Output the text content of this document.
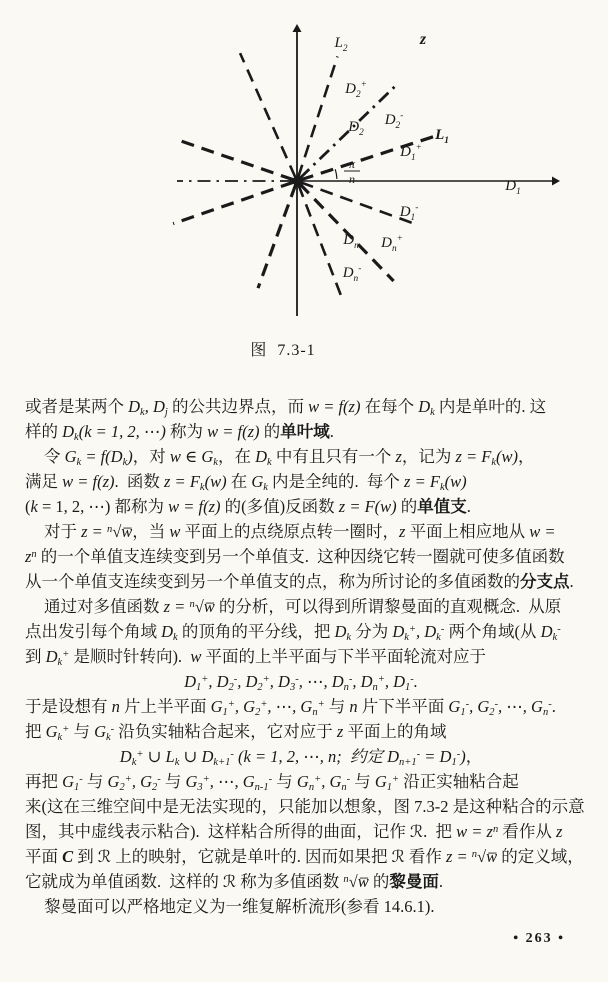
π
n
z
$L_2$
$D_2^+$
$D_2$
$D_2^-$
$L_1$
$D_1^+$
$D_1$
$D_1^-$
$D_n$ $D_n^+$
$D_n^-$
图  7.3-1
或者是某两个 $D_k$, $D_j$ 的公共边界点，而 w = f(z) 在每个 $D_k$ 内是单叶的. 这
样的 $D_k(k = 1$, 2, ⋯) 称为 w = f(z) 的单叶域.
令 $G_k = f(D_k)$，对 w ∈ $G_k$，在 $D_k$ 中有且只有一个 z，记为 $z = F_k(w)$，
满足 w = f(z).  函数 $z = F_k(w)$ 在 $G_k$ 内是全纯的.  每个 $z = F_k(w)$
(k = 1, 2, ⋯) 都称为 w = f(z) 的(多值)反函数 z = F(w) 的单值支.
对于 z = $^n$√w̅，当 w 平面上的点绕原点转一圈时，z 平面上相应地从 w =
$z^n$ 的一个单值支连续变到另一个单值支.  这种因绕它转一圈就可使多值函数
从一个单值支连续变到另一个单值支的点，称为所讨论的多值函数的分支点.
通过对多值函数 z = $^n$√w̅ 的分析，可以得到所谓黎曼面的直观概念.  从原
点出发引每个角域 $D_k$ 的顶角的平分线，把 $D_k$ 分为 $D_k^+$, $D_k^-$ 两个角域(从 $D_k^-$
到 $D_k^+$ 是顺时针转向).  w 平面的上半平面与下半平面轮流对应于
$D_1^+$, $D_2^-$, $D_2^+$, $D_3^-$, ⋯, $D_n^-$, $D_n^+$, $D_1^-$.
于是设想有 n 片上半平面 $G_1^+$, $G_2^+$, ⋯, $G_n^+$ 与 n 片下半平面 $G_1^-$, $G_2^-$, ⋯, $G_n^-$.
把 $G_k^+$ 与 $G_k^-$ 沿负实轴粘合起来，它对应于 z 平面上的角域
$D_k^+$ ∪ $L_k$ ∪ $D_{k+1}^-$ (k = 1, 2, ⋯, n;  约定 $D_{n+1}^- = D_1^-$)，
再把 $G_1^-$ 与 $G_2^+$, $G_2^-$ 与 $G_3^+$, ⋯, $G_{n-1}^-$ 与 $G_n^+$, $G_n^-$ 与 $G_1^+$ 沿正实轴粘合起
来(这在三维空间中是无法实现的，只能加以想象，图 7.3-2 是这种粘合的示意
图，其中虚线表示粘合).  这样粘合所得的曲面，记作 ℛ.  把 $w = z^n$ 看作从 z
平面 C 到 ℛ 上的映射，它就是单叶的. 因而如果把 ℛ 看作 z = $^n$√w̅ 的定义域，
它就成为单值函数.  这样的 ℛ 称为多值函数 $^n$√w̅ 的黎曼面.
黎曼面可以严格地定义为一维复解析流形(参看 14.6.1).
• 263 •
